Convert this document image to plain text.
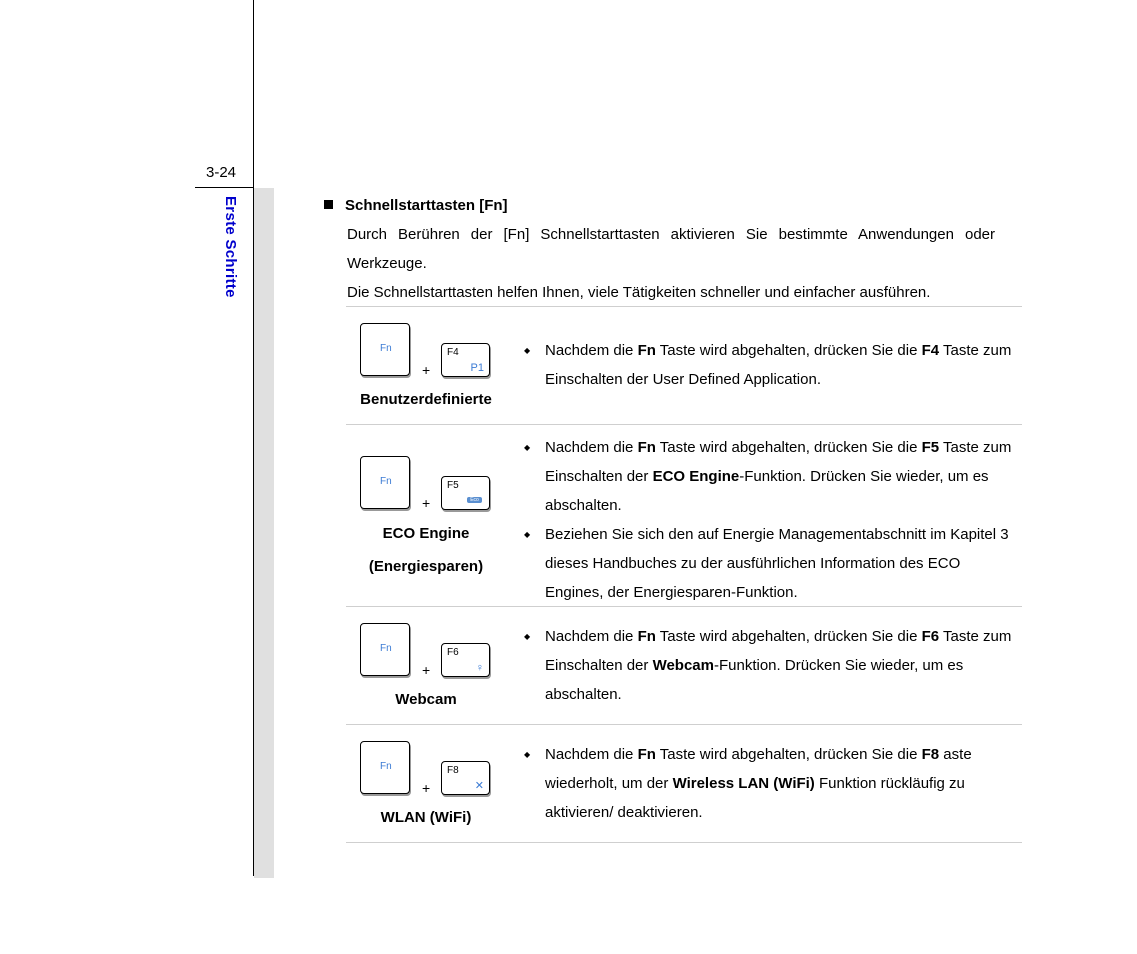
3-24
Erste Schritte	Schnellstarttasten [Fn]

Durch Berühren der [Fn] Schnellstarttasten aktivieren Sie bestimmte Anwendungen oder Werkzeuge.

Die Schnellstarttasten helfen Ihnen, viele Tätigkeiten schneller und einfacher ausführen.

Fn
+
F4
P1
Benutzerdefinierte
◆ Nachdem die Fn Taste wird abgehalten, drücken Sie die F4 Taste zum Einschalten der User Defined Application.
Fn
+
F5
Eco
ECO Engine
(Energiesparen)
◆ Nachdem die Fn Taste wird abgehalten, drücken Sie die F5 Taste zum Einschalten der ECO Engine-Funktion. Drücken Sie wieder, um es abschalten.
◆ Beziehen Sie sich den auf Energie Managementabschnitt im Kapitel 3 dieses Handbuches zu der ausführlichen Information des ECO Engines, der Energiesparen-Funktion.
Fn
+
F6
♀
Webcam
◆ Nachdem die Fn Taste wird abgehalten, drücken Sie die F6 Taste zum Einschalten der Webcam-Funktion. Drücken Sie wieder, um es abschalten.
Fn
+
F8
✕
WLAN (WiFi)
◆ Nachdem die Fn Taste wird abgehalten, drücken Sie die F8 aste wiederholt, um der Wireless LAN (WiFi) Funktion rückläufig zu aktivieren/ deaktivieren.
